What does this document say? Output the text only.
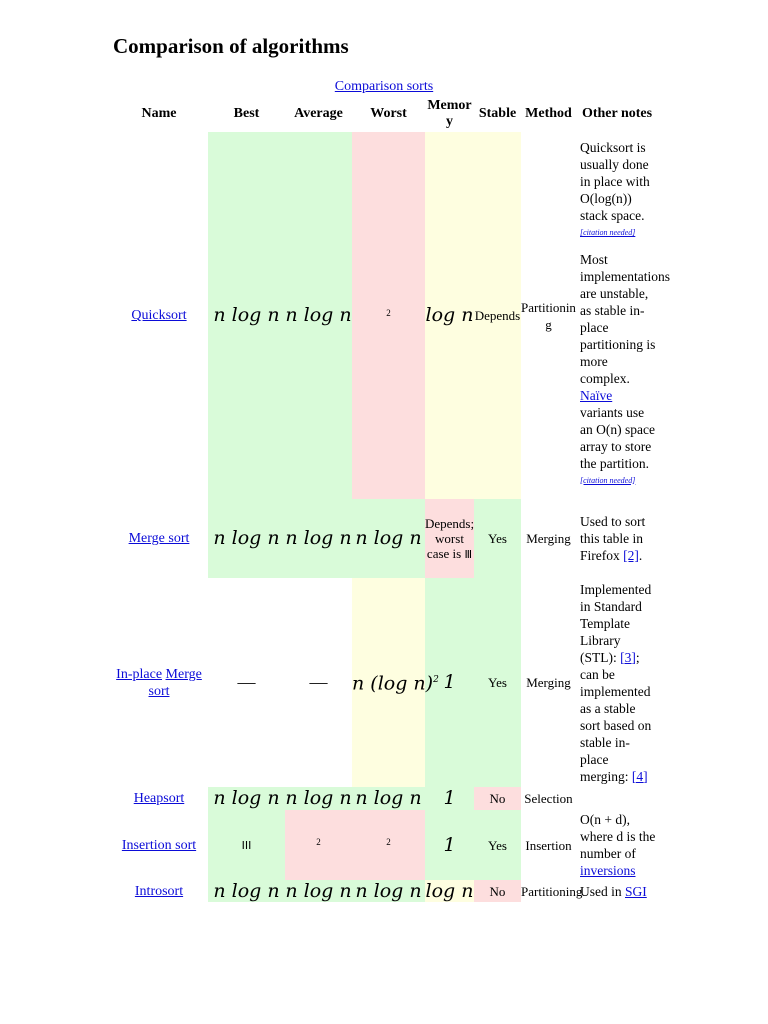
Comparison of algorithms
Comparison sorts
Name	Best	Average	Worst	Memory	Stable	Method	Other notes
Quicksort	n log n	n log n	$^2$	log n	Depends	Partitioning	Quicksort is usually done in place with O(log(n)) stack space. [citation needed]
Most implementations are unstable, as stable in-place partitioning is more complex. Naïve variants use an O(n) space array to store the partition. [citation needed]
Merge sort	n log n	n log n	n log n	Depends; worst case is Ⅲ	Yes	Merging	Used to sort this table in Firefox [2].
In-place Merge sort	—	—	n (log n)$^2$	1	Yes	Merging	Implemented in Standard Template Library (STL): [3]; can be implemented as a stable sort based on stable in-place merging: [4]
Heapsort	n log n	n log n	n log n	1	No	Selection	
Insertion sort	III	$^2$	$^2$	1	Yes	Insertion	O(n + d), where d is the number of inversions
Introsort	n log n	n log n	n log n	log n	No	Partitioning	Used in SGI
